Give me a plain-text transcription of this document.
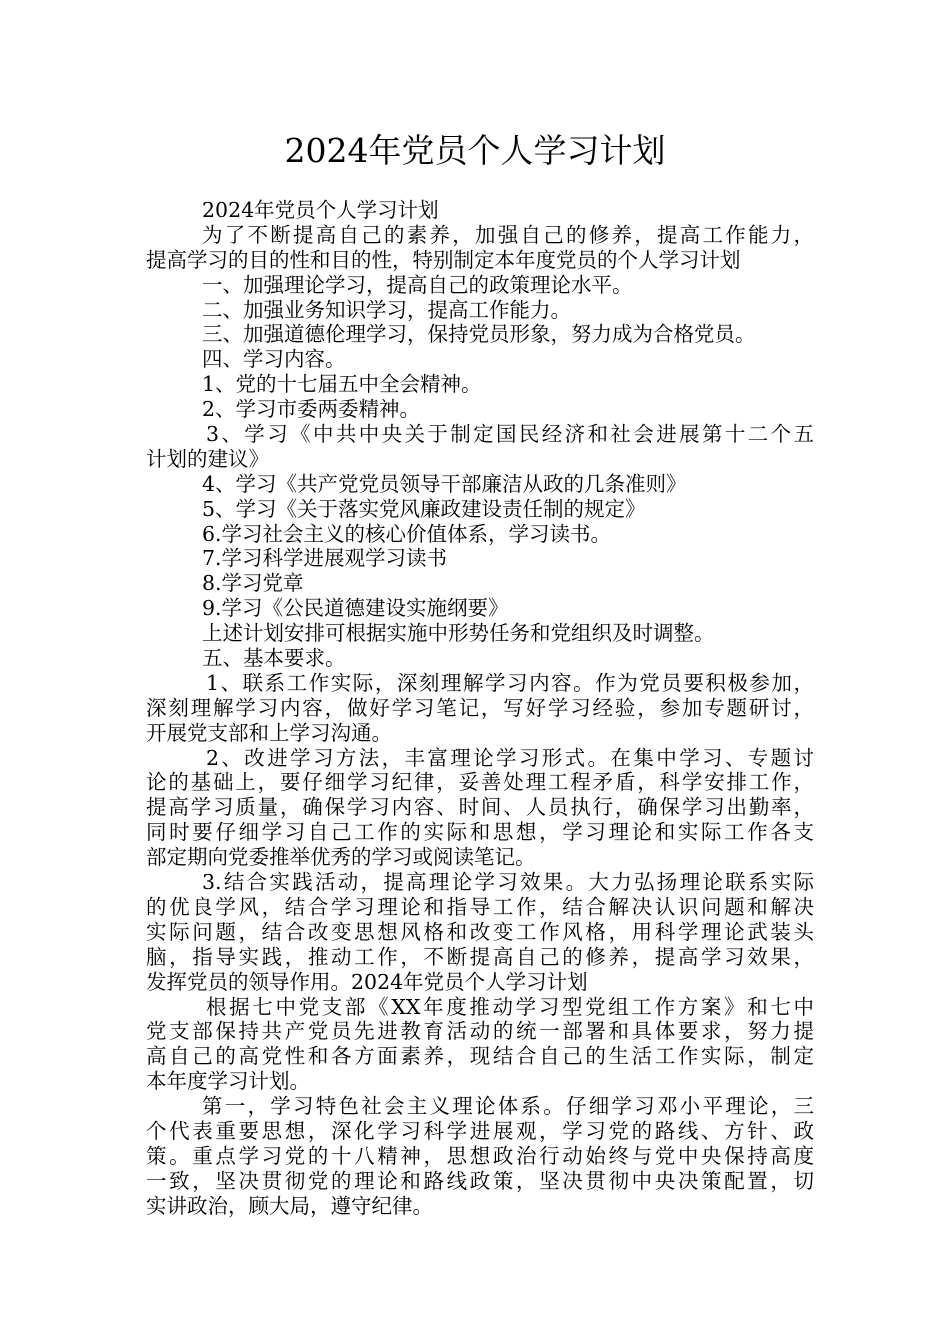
2024年党员个人学习计划
2024年党员个人学习计划
为了不断提高自己的素养，加强自己的修养，提高工作能力，
提高学习的目的性和目的性，特别制定本年度党员的个人学习计划
一、加强理论学习，提高自己的政策理论水平。
二、加强业务知识学习，提高工作能力。
三、加强道德伦理学习，保持党员形象，努力成为合格党员。
四、学习内容。
1、党的十七届五中全会精神。
2、学习市委两委精神。
3、学习《中共中央关于制定国民经济和社会进展第十二个五
计划的建议》
4、学习《共产党党员领导干部廉洁从政的几条准则》
5、学习《关于落实党风廉政建设责任制的规定》
6.学习社会主义的核心价值体系，学习读书。
7.学习科学进展观学习读书
8.学习党章
9.学习《公民道德建设实施纲要》
上述计划安排可根据实施中形势任务和党组织及时调整。
五、基本要求。
1、联系工作实际，深刻理解学习内容。作为党员要积极参加，
深刻理解学习内容，做好学习笔记，写好学习经验，参加专题研讨，
开展党支部和上学习沟通。
2、改进学习方法，丰富理论学习形式。在集中学习、专题讨
论的基础上，要仔细学习纪律，妥善处理工程矛盾，科学安排工作，
提高学习质量，确保学习内容、时间、人员执行，确保学习出勤率，
同时要仔细学习自己工作的实际和思想，学习理论和实际工作各支
部定期向党委推举优秀的学习或阅读笔记。
3.结合实践活动，提高理论学习效果。大力弘扬理论联系实际
的优良学风，结合学习理论和指导工作，结合解决认识问题和解决
实际问题，结合改变思想风格和改变工作风格，用科学理论武装头
脑，指导实践，推动工作，不断提高自己的修养，提高学习效果，
发挥党员的领导作用。2024年党员个人学习计划
根据七中党支部《XX年度推动学习型党组工作方案》和七中
党支部保持共产党员先进教育活动的统一部署和具体要求，努力提
高自己的高党性和各方面素养，现结合自己的生活工作实际，制定
本年度学习计划。
第一，学习特色社会主义理论体系。仔细学习邓小平理论，三
个代表重要思想，深化学习科学进展观，学习党的路线、方针、政
策。重点学习党的十八精神，思想政治行动始终与党中央保持高度
一致，坚决贯彻党的理论和路线政策，坚决贯彻中央决策配置，切
实讲政治，顾大局，遵守纪律。
